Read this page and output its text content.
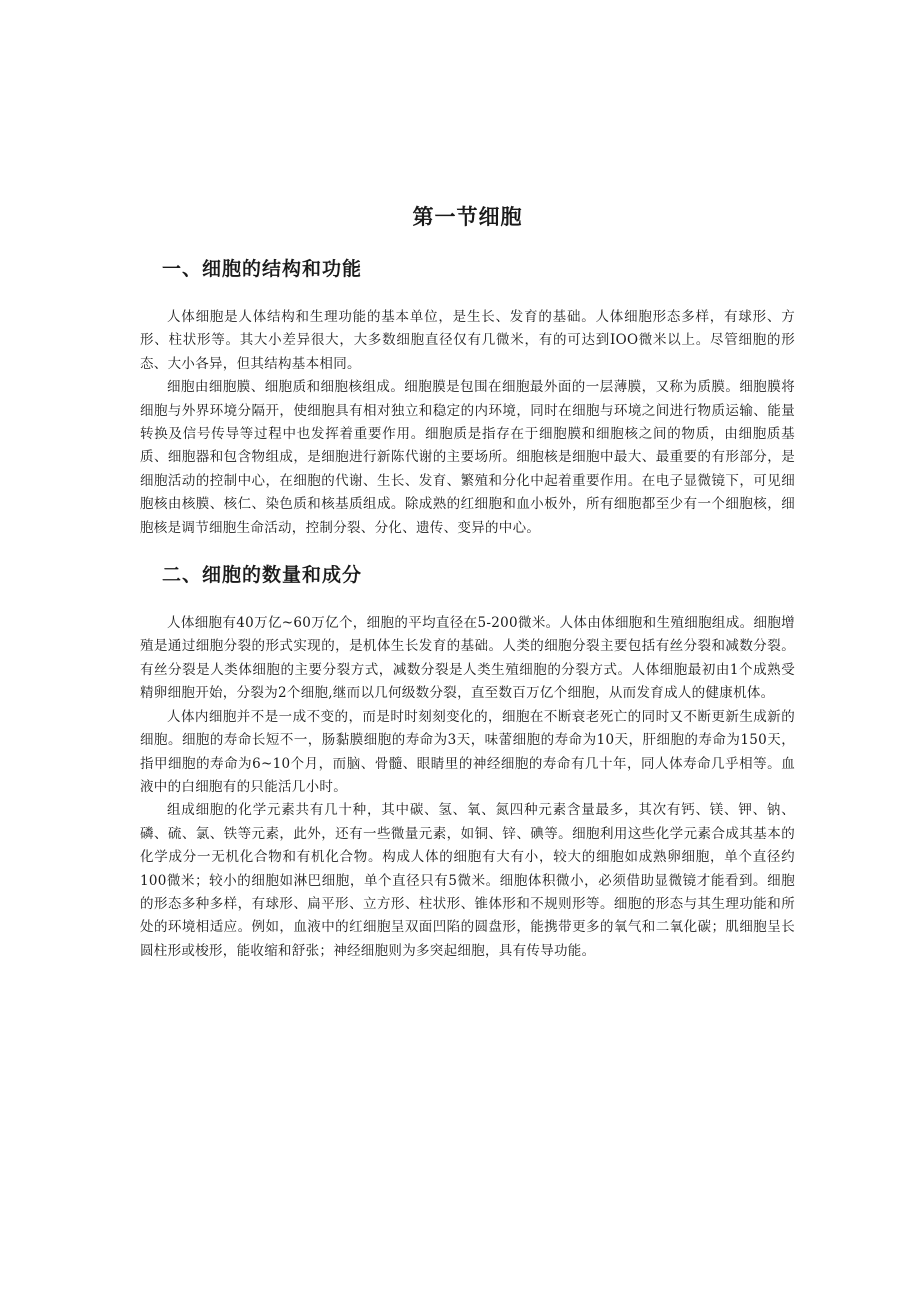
第一节细胞
一、细胞的结构和功能

人体细胞是人体结构和生理功能的基本单位，是生长、发育的基础。人体细胞形态多样，有球形、方形、柱状形等。其大小差异很大，大多数细胞直径仅有几微米，有的可达到IOO微米以上。尽管细胞的形态、大小各异，但其结构基本相同。

细胞由细胞膜、细胞质和细胞核组成。细胞膜是包围在细胞最外面的一层薄膜，又称为质膜。细胞膜将细胞与外界环境分隔开，使细胞具有相对独立和稳定的内环境，同时在细胞与环境之间进行物质运输、能量转换及信号传导等过程中也发挥着重要作用。细胞质是指存在于细胞膜和细胞核之间的物质，由细胞质基质、细胞器和包含物组成，是细胞进行新陈代谢的主要场所。细胞核是细胞中最大、最重要的有形部分，是细胞活动的控制中心，在细胞的代谢、生长、发育、繁殖和分化中起着重要作用。在电子显微镜下，可见细胞核由核膜、核仁、染色质和核基质组成。除成熟的红细胞和血小板外，所有细胞都至少有一个细胞核，细胞核是调节细胞生命活动，控制分裂、分化、遗传、变异的中心。

二、细胞的数量和成分

人体细胞有40万亿~60万亿个，细胞的平均直径在5-200微米。人体由体细胞和生殖细胞组成。细胞增殖是通过细胞分裂的形式实现的，是机体生长发育的基础。人类的细胞分裂主要包括有丝分裂和减数分裂。有丝分裂是人类体细胞的主要分裂方式，减数分裂是人类生殖细胞的分裂方式。人体细胞最初由1个成熟受精卵细胞开始，分裂为2个细胞,继而以几何级数分裂，直至数百万亿个细胞，从而发育成人的健康机体。

人体内细胞并不是一成不变的，而是时时刻刻变化的，细胞在不断衰老死亡的同时又不断更新生成新的细胞。细胞的寿命长短不一，肠黏膜细胞的寿命为3天，味蕾细胞的寿命为10天，肝细胞的寿命为150天，指甲细胞的寿命为6~10个月，而脑、骨髓、眼睛里的神经细胞的寿命有几十年，同人体寿命几乎相等。血液中的白细胞有的只能活几小时。

组成细胞的化学元素共有几十种，其中碳、氢、氧、氮四种元素含量最多，其次有钙、镁、钾、钠、磷、硫、氯、铁等元素，此外，还有一些微量元素，如铜、锌、碘等。细胞利用这些化学元素合成其基本的化学成分一无机化合物和有机化合物。构成人体的细胞有大有小，较大的细胞如成熟卵细胞，单个直径约100微米；较小的细胞如淋巴细胞，单个直径只有5微米。细胞体积微小，必须借助显微镜才能看到。细胞的形态多种多样，有球形、扁平形、立方形、柱状形、锥体形和不规则形等。细胞的形态与其生理功能和所处的环境相适应。例如，血液中的红细胞呈双面凹陷的圆盘形，能携带更多的氧气和二氧化碳；肌细胞呈长圆柱形或梭形，能收缩和舒张；神经细胞则为多突起细胞，具有传导功能。
